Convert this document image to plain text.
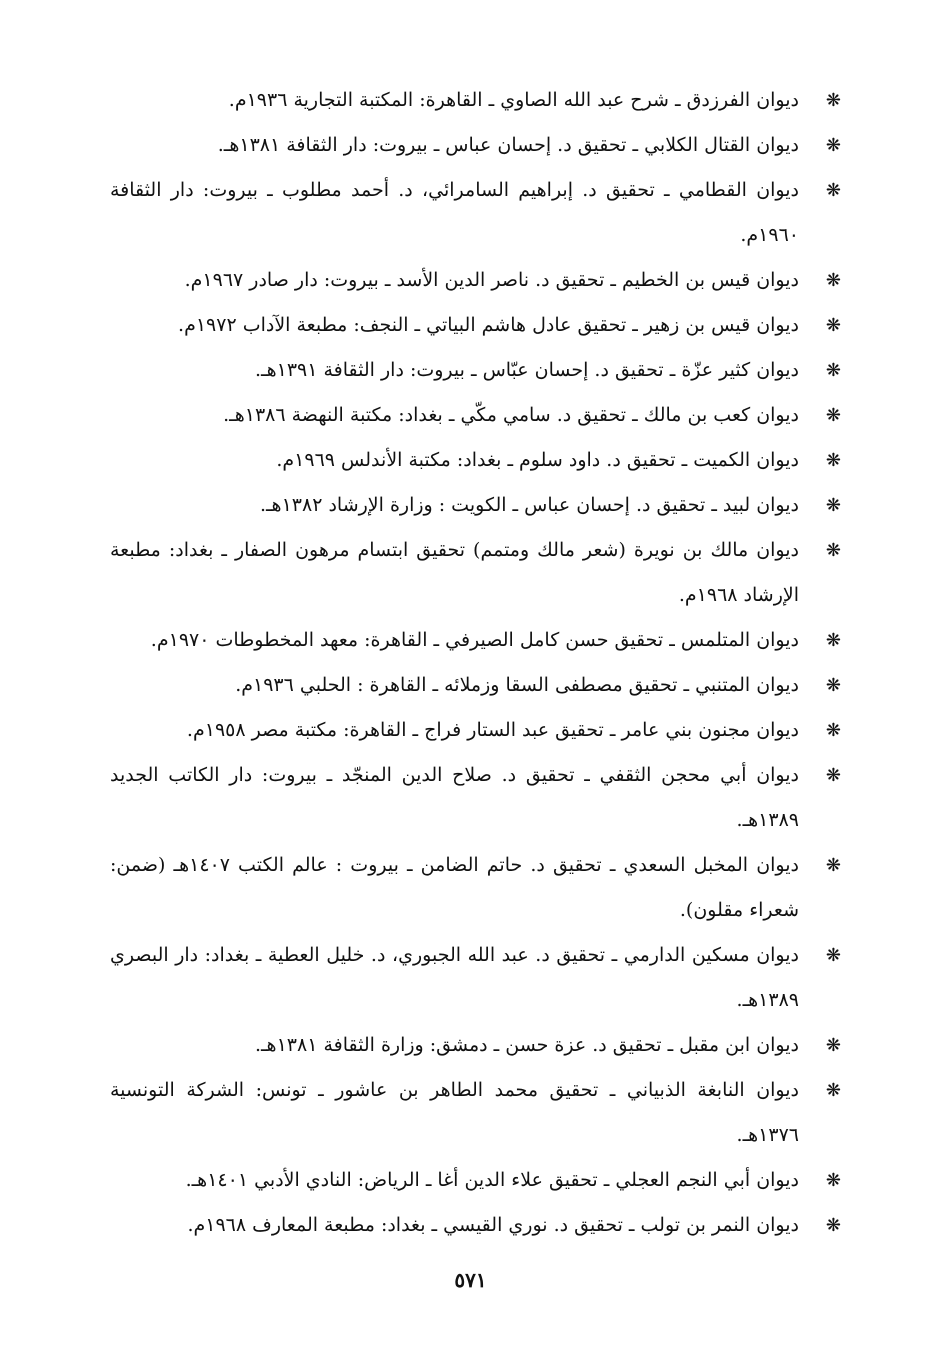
❋
ديوان الفرزدق ـ شرح عبد الله الصاوي ـ القاهرة: المكتبة التجارية ١٩٣٦م.
❋
ديوان القتال الكلابي ـ تحقيق د. إحسان عباس ـ بيروت: دار الثقافة ١٣٨١هـ.
❋
ديوان القطامي ـ تحقيق د. إبراهيم السامرائي، د. أحمد مطلوب ـ بيروت: دار الثقافة ١٩٦٠م.
❋
ديوان قيس بن الخطيم ـ تحقيق د. ناصر الدين الأسد ـ بيروت: دار صادر ١٩٦٧م.
❋
ديوان قيس بن زهير ـ تحقيق عادل هاشم البياتي ـ النجف: مطبعة الآداب ١٩٧٢م.
❋
ديوان كثير عزّة ـ تحقيق د. إحسان عبّاس ـ بيروت: دار الثقافة ١٣٩١هـ.
❋
ديوان كعب بن مالك ـ تحقيق د. سامي مكّي ـ بغداد: مكتبة النهضة ١٣٨٦هـ.
❋
ديوان الكميت ـ تحقيق د. داود سلوم ـ بغداد: مكتبة الأندلس ١٩٦٩م.
❋
ديوان لبيد ـ تحقيق د. إحسان عباس ـ الكويت : وزارة الإرشاد ١٣٨٢هـ.
❋
ديوان مالك بن نويرة (شعر مالك ومتمم) تحقيق ابتسام مرهون الصفار ـ بغداد: مطبعة الإرشاد ١٩٦٨م.
❋
ديوان المتلمس ـ تحقيق حسن كامل الصيرفي ـ القاهرة: معهد المخطوطات ١٩٧٠م.
❋
ديوان المتنبي ـ تحقيق مصطفى السقا وزملائه ـ القاهرة : الحلبي ١٩٣٦م.
❋
ديوان مجنون بني عامر ـ تحقيق عبد الستار فراج ـ القاهرة: مكتبة مصر ١٩٥٨م.
❋
ديوان أبي محجن الثقفي ـ تحقيق د. صلاح الدين المنجّد ـ بيروت: دار الكاتب الجديد ١٣٨٩هـ.
❋
ديوان المخبل السعدي ـ تحقيق د. حاتم الضامن ـ بيروت : عالم الكتب ١٤٠٧هـ (ضمن: شعراء مقلون).
❋
ديوان مسكين الدارمي ـ تحقيق د. عبد الله الجبوري، د. خليل العطية ـ بغداد: دار البصري ١٣٨٩هـ.
❋
ديوان ابن مقبل ـ تحقيق د. عزة حسن ـ دمشق: وزارة الثقافة ١٣٨١هـ.
❋
ديوان النابغة الذبياني ـ تحقيق محمد الطاهر بن عاشور ـ تونس: الشركة التونسية ١٣٧٦هـ.
❋
ديوان أبي النجم العجلي ـ تحقيق علاء الدين أغا ـ الرياض: النادي الأدبي ١٤٠١هـ.
❋
ديوان النمر بن تولب ـ تحقيق د. نوري القيسي ـ بغداد: مطبعة المعارف ١٩٦٨م.
٥٧١
